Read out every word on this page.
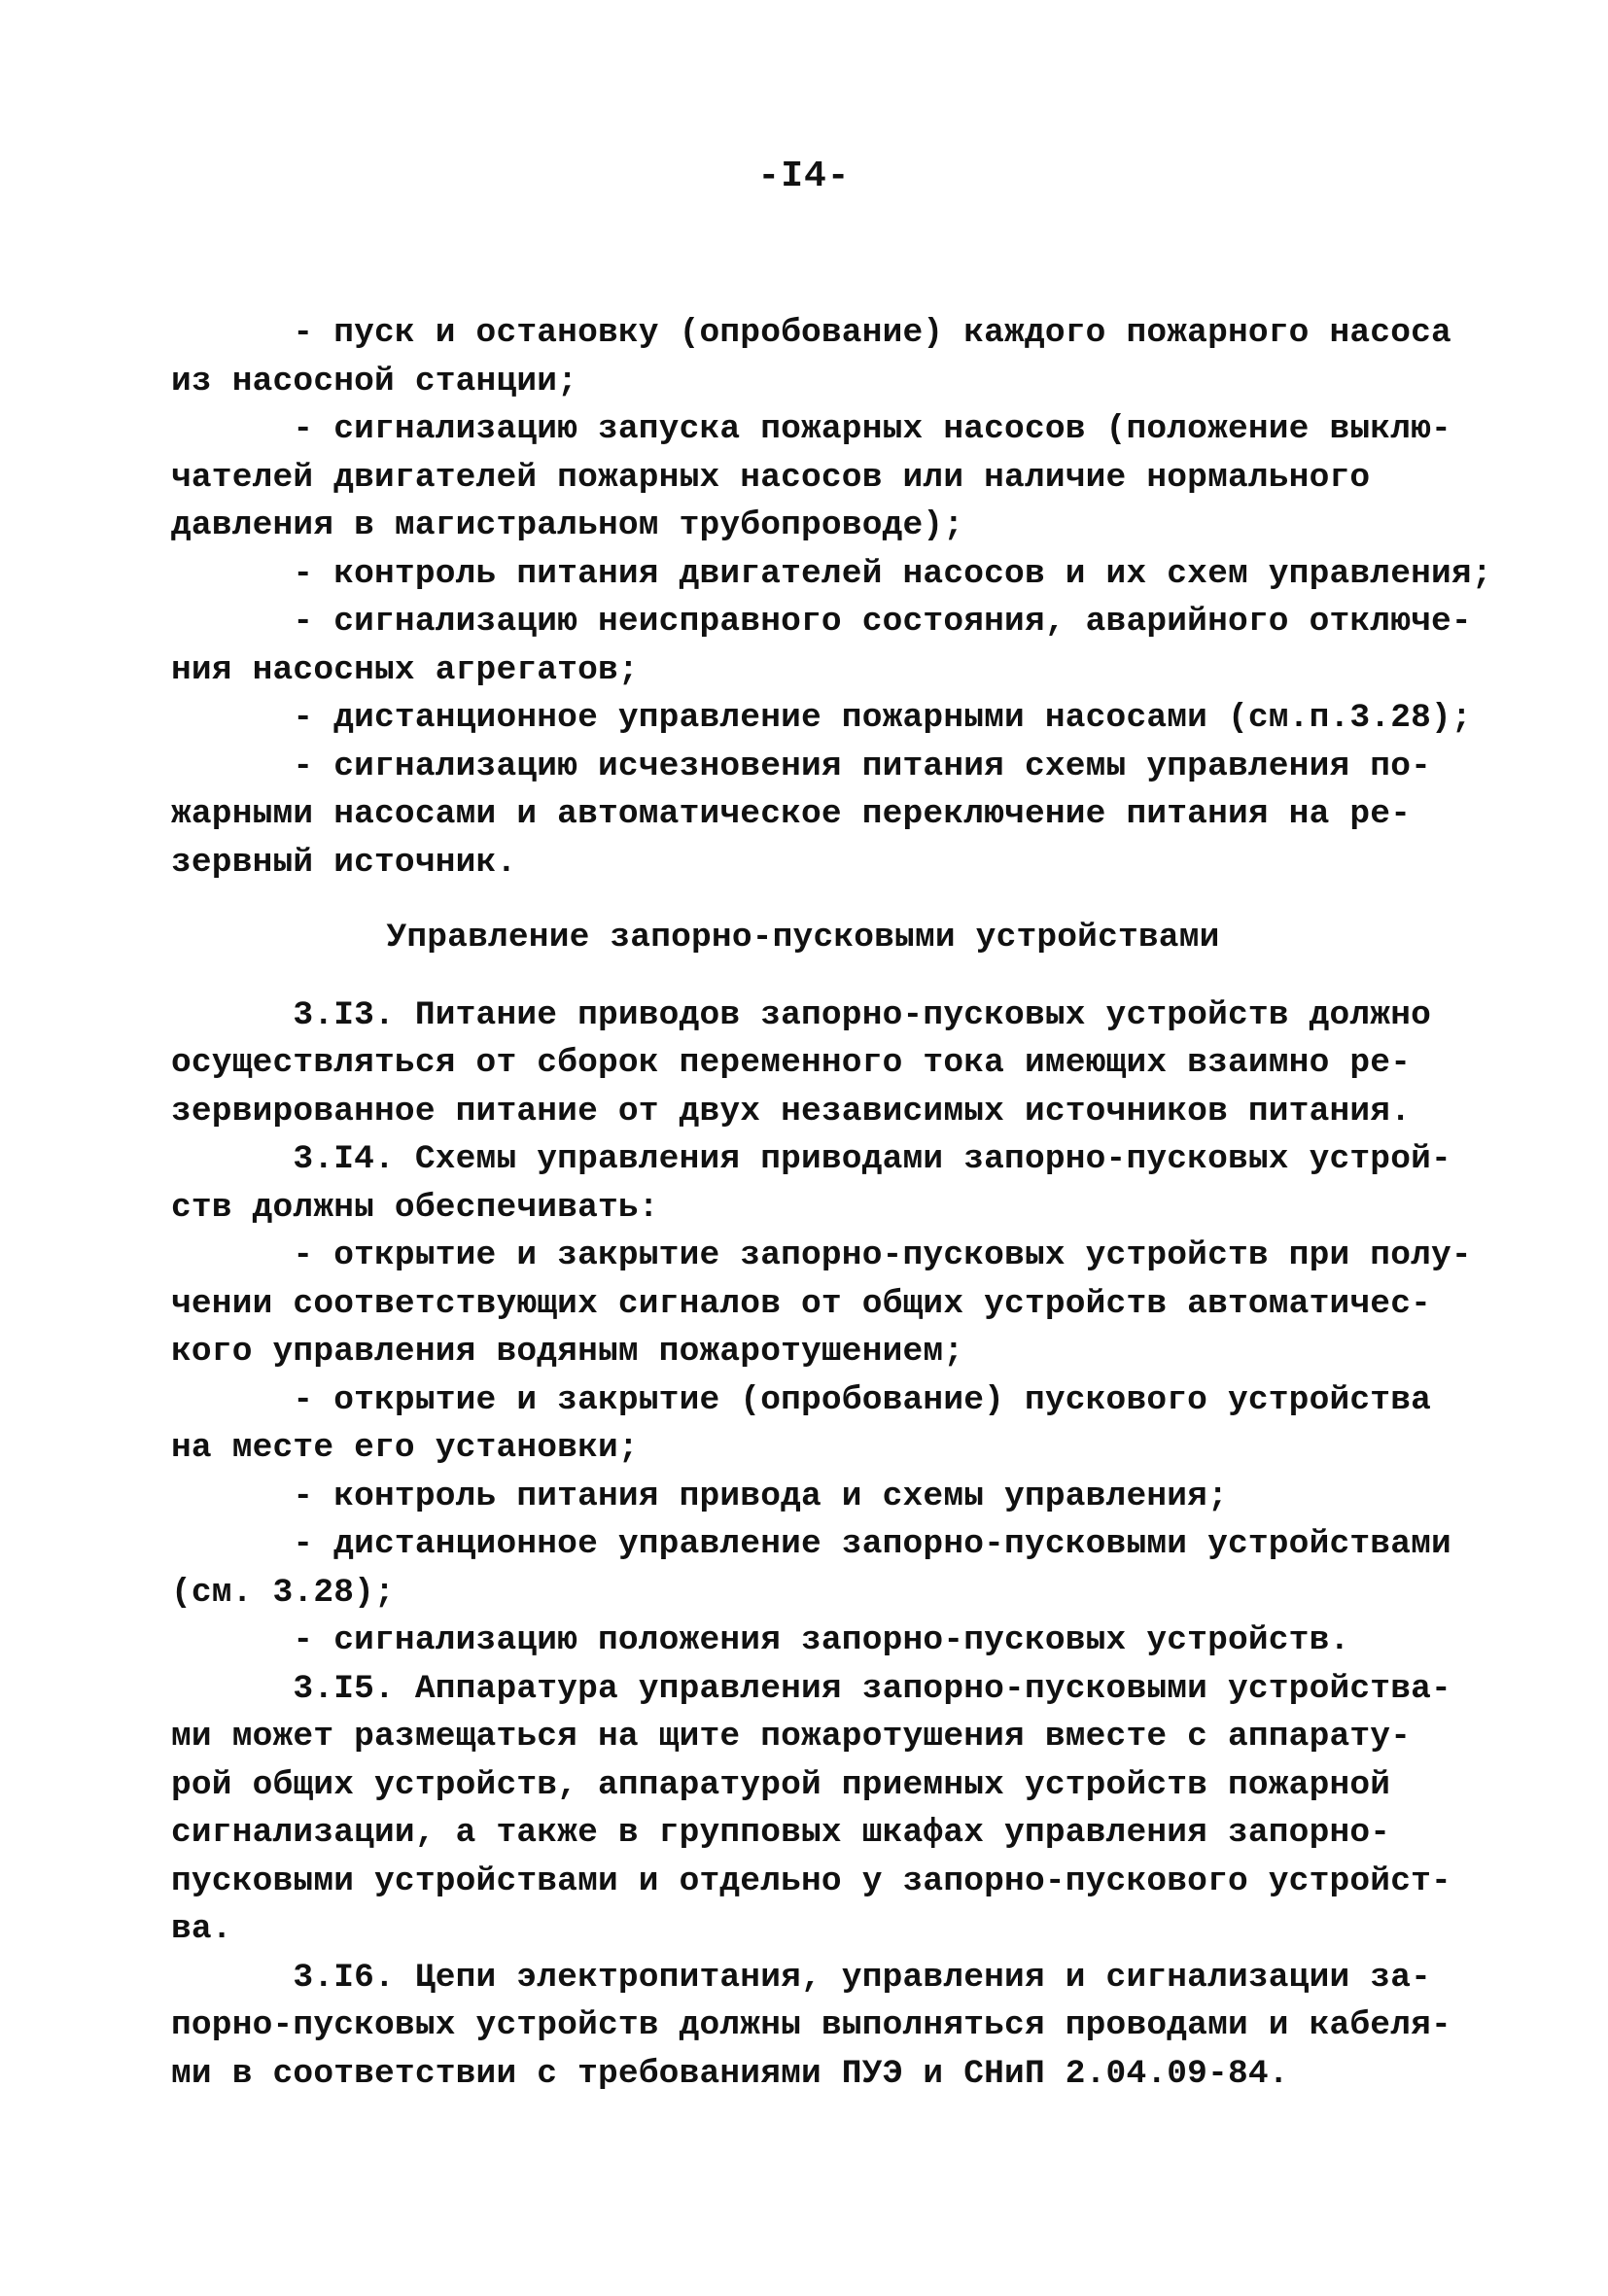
-I4-
- пуск и остановку (опробование) каждого пожарного насоса
из насосной станции;
- сигнализацию запуска пожарных насосов (положение выклю-
чателей двигателей пожарных насосов или наличие нормального
давления в магистральном трубопроводе);
- контроль питания двигателей насосов и их схем управления;
- сигнализацию неисправного состояния, аварийного отключе-
ния насосных агрегатов;
- дистанционное управление пожарными насосами (см.п.3.28);
- сигнализацию исчезновения питания схемы управления по-
жарными насосами и автоматическое переключение питания на ре-
зервный источник.
Управление запорно-пусковыми устройствами
3.I3. Питание приводов запорно-пусковых устройств должно
осуществляться от сборок переменного тока имеющих взаимно ре-
зервированное питание от двух независимых источников питания.
3.I4. Схемы управления приводами запорно-пусковых устрой-
ств должны обеспечивать:
- открытие и закрытие запорно-пусковых устройств при полу-
чении соответствующих сигналов от общих устройств автоматичес-
кого управления водяным пожаротушением;
- открытие и закрытие (опробование) пускового устройства
на месте его установки;
- контроль питания привода и схемы управления;
- дистанционное управление запорно-пусковыми устройствами
(см. 3.28);
- сигнализацию положения запорно-пусковых устройств.
3.I5. Аппаратура управления запорно-пусковыми устройства-
ми может размещаться на щите пожаротушения вместе с аппарату-
рой общих устройств, аппаратурой приемных устройств пожарной
сигнализации, а также в групповых шкафах управления запорно-
пусковыми устройствами и отдельно у запорно-пускового устройст-
ва.
3.I6. Цепи электропитания, управления и сигнализации за-
порно-пусковых устройств должны выполняться проводами и кабеля-
ми в соответствии с требованиями ПУЭ и СНиП 2.04.09-84.
